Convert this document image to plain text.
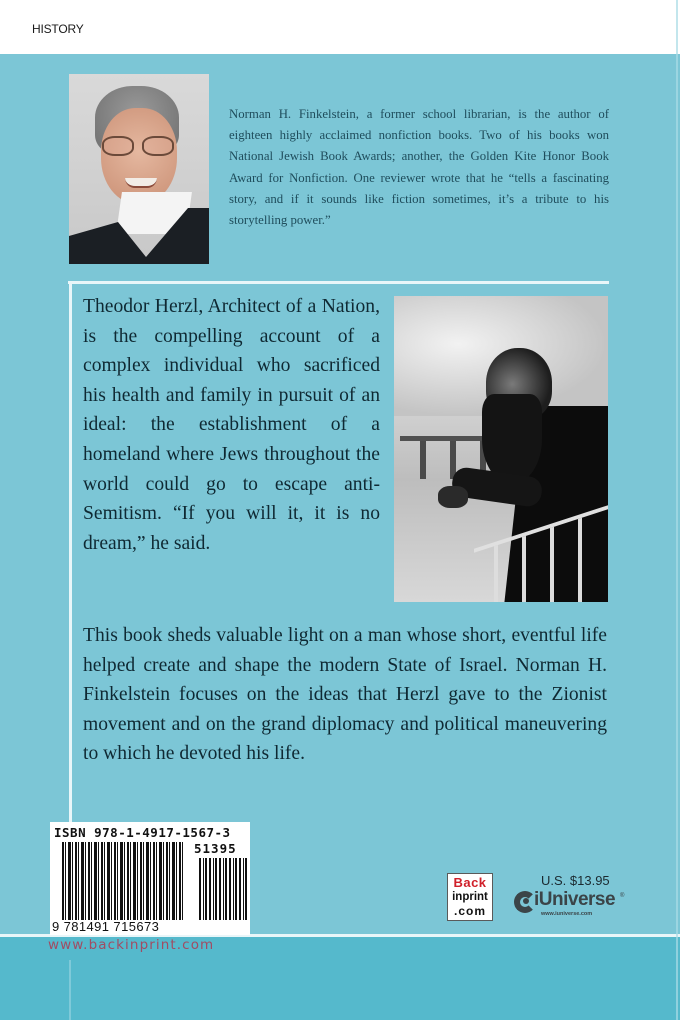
HISTORY

Norman H. Finkelstein, a former school librarian, is the author of eighteen highly acclaimed nonfiction books. Two of his books won National Jewish Book Awards; another, the Golden Kite Honor Book Award for Nonfiction. One reviewer wrote that he “tells a fascinating story, and if it sounds like fiction sometimes, it’s a tribute to his storytelling power.”

Theodor Herzl, Architect of a Nation, is the compelling account of a complex individual who sacrificed his health and family in pursuit of an ideal: the establishment of a homeland where Jews throughout the world could go to escape anti-Semitism. “If you will it, it is no dream,” he said.

This book sheds valuable light on a man whose short, eventful life helped create and shape the modern State of Israel. Norman H. Finkelstein focuses on the ideas that Herzl gave to the Zionist movement and on the grand diplomacy and political maneuvering to which he devoted his life.

ISBN 978-1-4917-1567-3
51395
9 781491 715673
www.backinprint.com
Back
inprint
.com
U.S. $13.95
iUniverse ®
www.iuniverse.com
